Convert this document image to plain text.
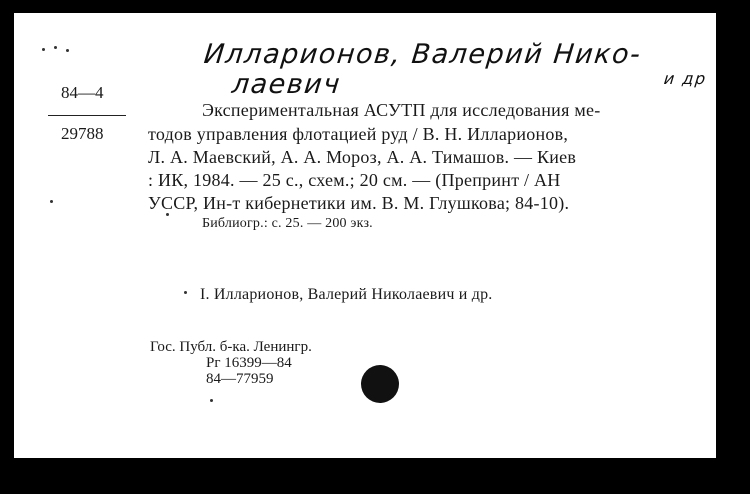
Илларионов, Валерий Нико-
лаевич	и др
84—4
29788
Экспериментальная АСУТП для исследования ме-
тодов управления флотацией руд / В. Н. Илларионов,
Л. А. Маевский, А. А. Мороз, А. А. Тимашов. — Киев
: ИК, 1984. — 25 с., схем.; 20 см. — (Препринт / АН
УССР, Ин-т кибернетики им. В. М. Глушкова; 84-10).
Библиогр.: с. 25. — 200 экз.
I. Илларионов, Валерий Николаевич и др.
Гос. Публ. б-ка. Ленингр.
Рг 16399—84
84—77959
